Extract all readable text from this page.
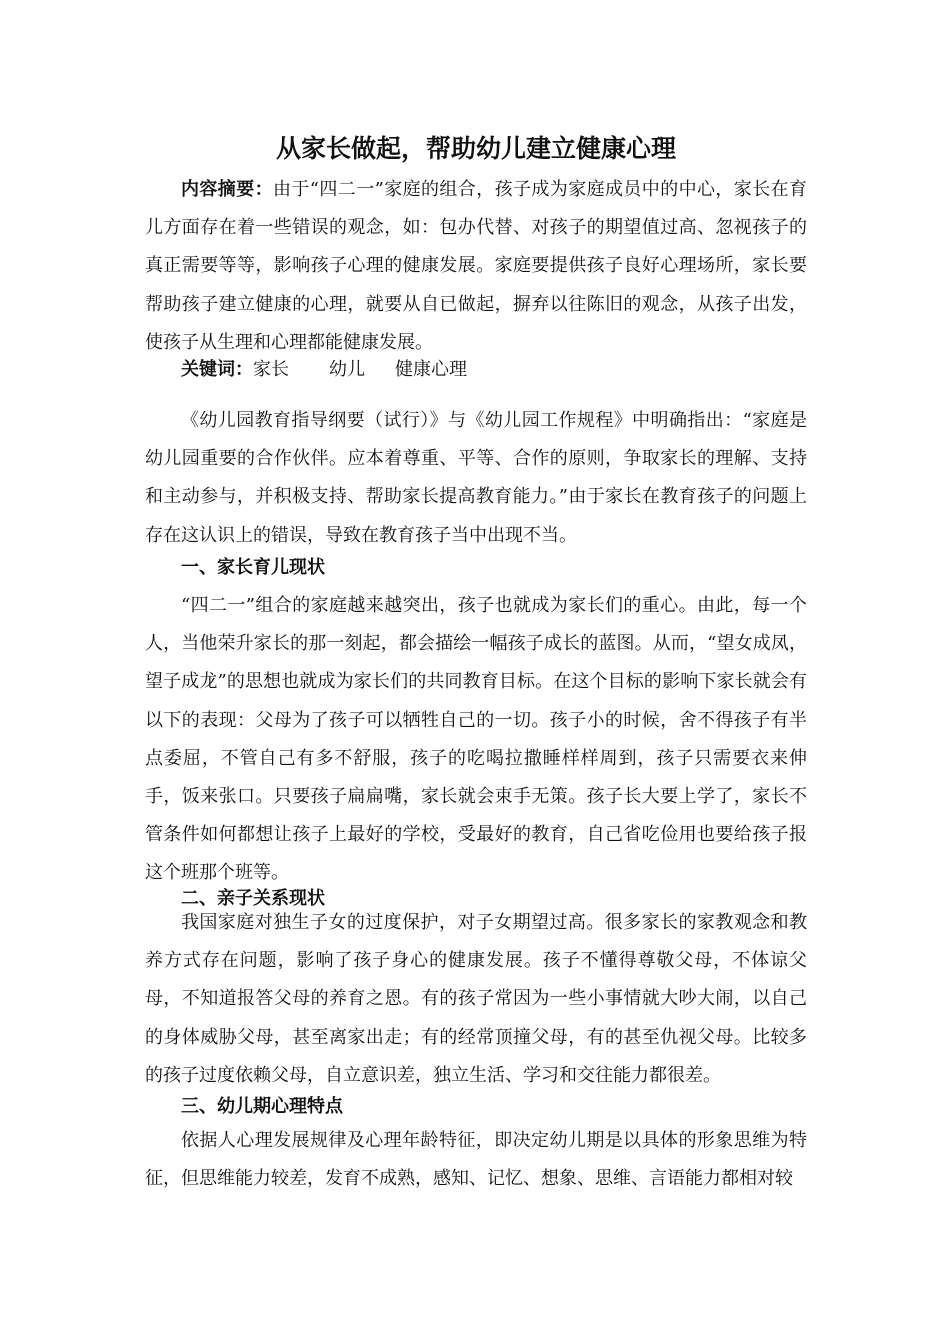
从家长做起，帮助幼儿建立健康心理

内容摘要：由于“四二一”家庭的组合，孩子成为家庭成员中的中心，家长在育儿方面存在着一些错误的观念，如：包办代替、对孩子的期望值过高、忽视孩子的真正需要等等，影响孩子心理的健康发展。家庭要提供孩子良好心理场所，家长要帮助孩子建立健康的心理，就要从自已做起，摒弃以往陈旧的观念，从孩子出发，使孩子从生理和心理都能健康发展。

关键词：家长 幼儿 健康心理

《幼儿园教育指导纲要（试行）》与《幼儿园工作规程》中明确指出：“家庭是幼儿园重要的合作伙伴。应本着尊重、平等、合作的原则，争取家长的理解、支持和主动参与，并积极支持、帮助家长提高教育能力。”由于家长在教育孩子的问题上存在这认识上的错误，导致在教育孩子当中出现不当。

一、家长育儿现状

“四二一”组合的家庭越来越突出，孩子也就成为家长们的重心。由此，每一个人，当他荣升家长的那一刻起，都会描绘一幅孩子成长的蓝图。从而，“望女成凤，望子成龙”的思想也就成为家长们的共同教育目标。在这个目标的影响下家长就会有以下的表现：父母为了孩子可以牺牲自己的一切。孩子小的时候，舍不得孩子有半点委屈，不管自己有多不舒服，孩子的吃喝拉撒睡样样周到，孩子只需要衣来伸手，饭来张口。只要孩子扁扁嘴，家长就会束手无策。孩子长大要上学了，家长不管条件如何都想让孩子上最好的学校，受最好的教育，自己省吃俭用也要给孩子报这个班那个班等。

二、亲子关系现状

我国家庭对独生子女的过度保护，对子女期望过高。很多家长的家教观念和教养方式存在问题，影响了孩子身心的健康发展。孩子不懂得尊敬父母，不体谅父母，不知道报答父母的养育之恩。有的孩子常因为一些小事情就大吵大闹，以自己的身体威胁父母，甚至离家出走；有的经常顶撞父母，有的甚至仇视父母。比较多的孩子过度依赖父母，自立意识差，独立生活、学习和交往能力都很差。

三、幼儿期心理特点

依据人心理发展规律及心理年龄特征，即决定幼儿期是以具体的形象思维为特征，但思维能力较差，发育不成熟，感知、记忆、想象、思维、言语能力都相对较
